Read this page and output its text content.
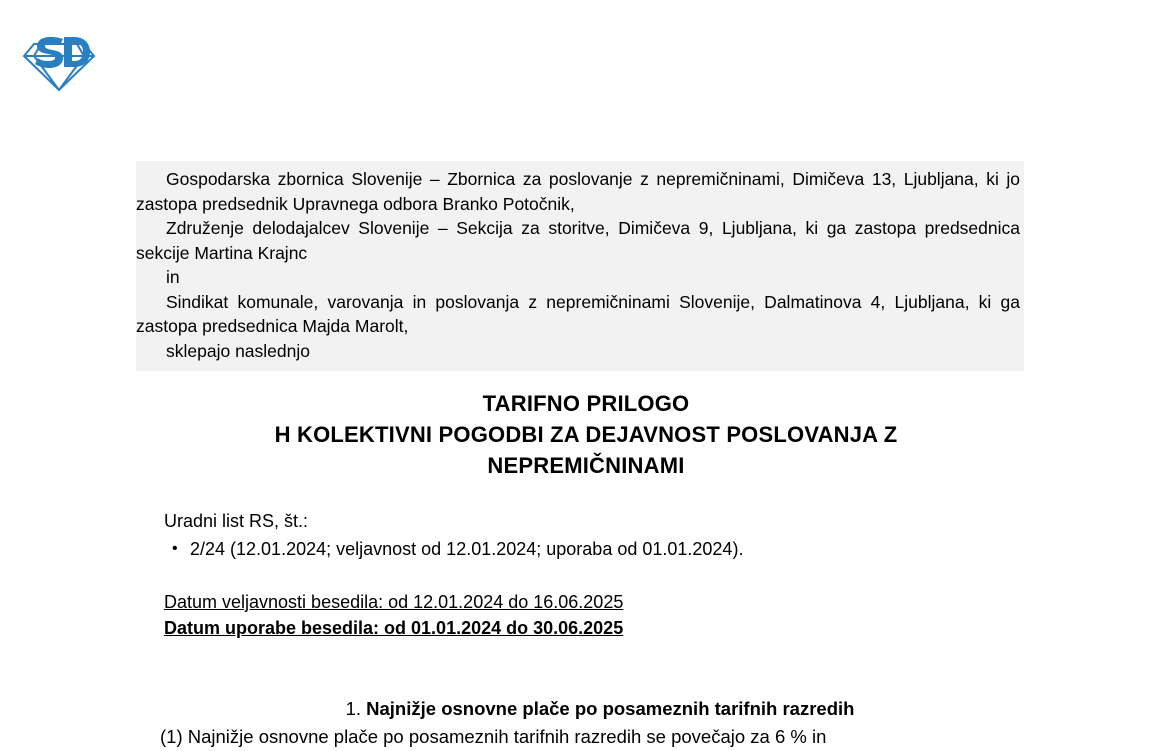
Gospodarska zbornica Slovenije – Zbornica za poslovanje z nepremičninami, Dimičeva 13, Ljubljana, ki jo zastopa predsednik Upravnega odbora Branko Potočnik,

Združenje delodajalcev Slovenije – Sekcija za storitve, Dimičeva 9, Ljubljana, ki ga zastopa predsednica sekcije Martina Krajnc

in

Sindikat komunale, varovanja in poslovanja z nepremičninami Slovenije, Dalmatinova 4, Ljubljana, ki ga zastopa predsednica Majda Marolt,

sklepajo naslednjo

TARIFNO PRILOGO
H KOLEKTIVNI POGODBI ZA DEJAVNOST POSLOVANJA Z
NEPREMIČNINAMI

Uradni list RS, št.:

• 2/24 (12.01.2024; veljavnost od 12.01.2024; uporaba od 01.01.2024).
Datum veljavnosti besedila: od 12.01.2024 do 16.06.2025
Datum uporabe besedila: od 01.01.2024 do 30.06.2025

1. Najnižje osnovne plače po posameznih tarifnih razredih

(1) Najnižje osnovne plače po posameznih tarifnih razredih se povečajo za 6 % in
